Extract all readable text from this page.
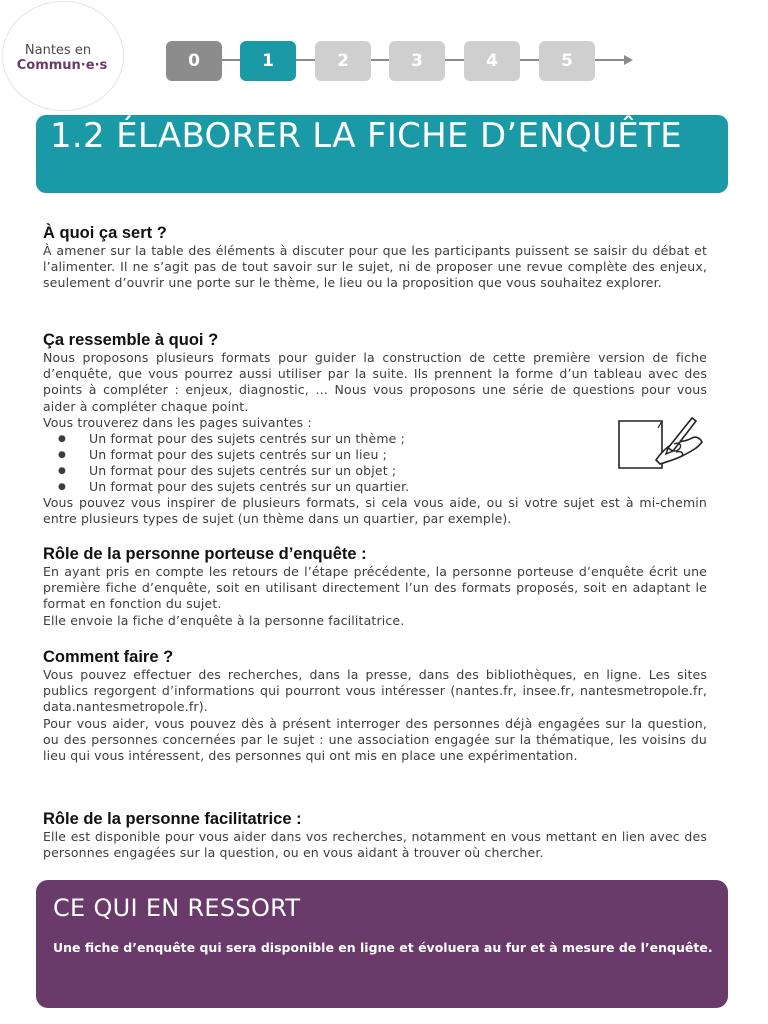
Nantes en
Commun·e·s	0	1	2	3	4	5
1.2 ÉLABORER LA FICHE D’ENQUÊTE
À quoi ça sert ?

À amener sur la table des éléments à discuter pour que les participants puissent se saisir du débat et l’alimenter. Il ne s’agit pas de tout savoir sur le sujet, ni de proposer une revue complète des enjeux, seulement d’ouvrir une porte sur le thème, le lieu ou la proposition que vous souhaitez explorer.

Ça ressemble à quoi ?

Nous proposons plusieurs formats pour guider la construction de cette première version de fiche d’enquête, que vous pourrez aussi utiliser par la suite. Ils prennent la forme d’un tableau avec des points à compléter : enjeux, diagnostic, … Nous vous proposons une série de questions pour vous aider à compléter chaque point.

Vous trouverez dans les pages suivantes :

● Un format pour des sujets centrés sur un thème ;
● Un format pour des sujets centrés sur un lieu ;
● Un format pour des sujets centrés sur un objet ;
● Un format pour des sujets centrés sur un quartier.

Vous pouvez vous inspirer de plusieurs formats, si cela vous aide, ou si votre sujet est à mi-chemin entre plusieurs types de sujet (un thème dans un quartier, par exemple).

Rôle de la personne porteuse d’enquête :

En ayant pris en compte les retours de l’étape précédente, la personne porteuse d’enquête écrit une première fiche d’enquête, soit en utilisant directement l’un des formats proposés, soit en adaptant le format en fonction du sujet.

Elle envoie la fiche d’enquête à la personne facilitatrice.

Comment faire ?

Vous pouvez effectuer des recherches, dans la presse, dans des bibliothèques, en ligne. Les sites publics regorgent d’informations qui pourront vous intéresser (nantes.fr, insee.fr, nantesmetropole.fr, data.nantesmetropole.fr).

Pour vous aider, vous pouvez dès à présent interroger des personnes déjà engagées sur la question, ou des personnes concernées par le sujet : une association engagée sur la thématique, les voisins du lieu qui vous intéressent, des personnes qui ont mis en place une expérimentation.

Rôle de la personne facilitatrice :

Elle est disponible pour vous aider dans vos recherches, notamment en vous mettant en lien avec des personnes engagées sur la question, ou en vous aidant à trouver où chercher.

CE QUI EN RESSORT

Une fiche d’enquête qui sera disponible en ligne et évoluera au fur et à mesure de l’enquête.
